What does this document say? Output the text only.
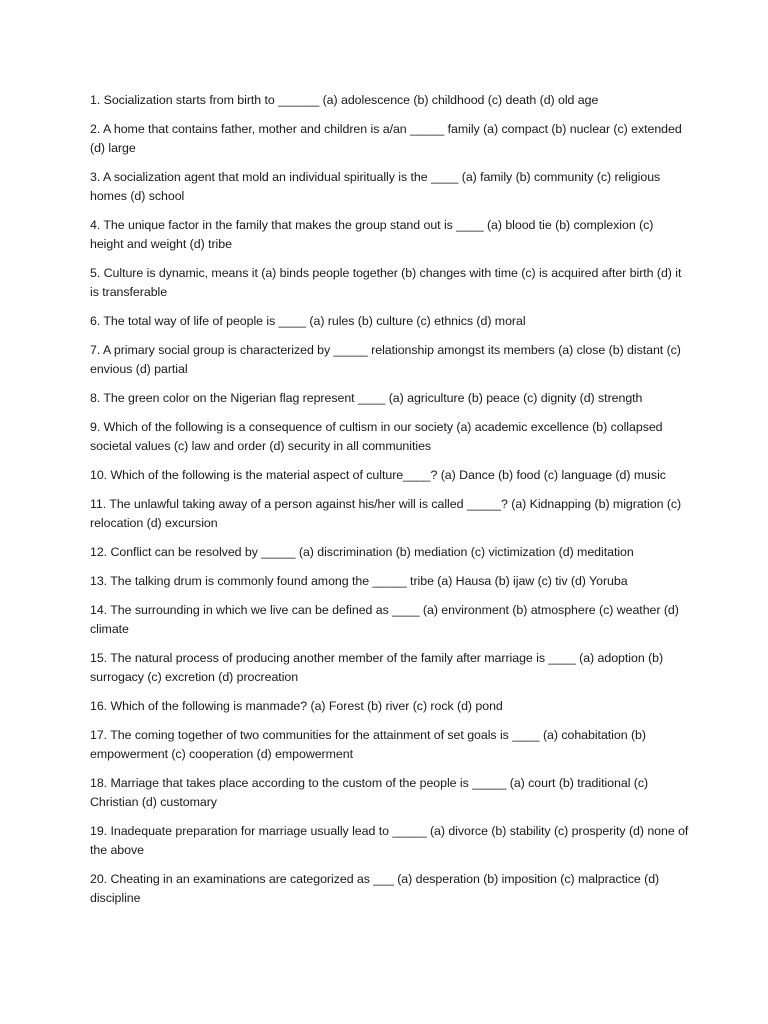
1. Socialization starts from birth to ______ (a) adolescence (b) childhood (c) death (d) old age

2. A home that contains father, mother and children is a/an _____ family (a) compact (b) nuclear (c) extended (d) large

3. A socialization agent that mold an individual spiritually is the ____ (a) family (b) community (c) religious homes (d) school

4. The unique factor in the family that makes the group stand out is ____ (a) blood tie (b) complexion (c) height and weight (d) tribe

5. Culture is dynamic, means it (a) binds people together (b) changes with time (c) is acquired after birth (d) it is transferable

6. The total way of life of people is ____ (a) rules (b) culture (c) ethnics (d) moral

7. A primary social group is characterized by _____ relationship amongst its members (a) close (b) distant (c) envious (d) partial

8. The green color on the Nigerian flag represent ____ (a) agriculture (b) peace (c) dignity (d) strength

9. Which of the following is a consequence of cultism in our society (a) academic excellence (b) collapsed societal values (c) law and order (d) security in all communities

10. Which of the following is the material aspect of culture____? (a) Dance (b) food (c) language (d) music

11. The unlawful taking away of a person against his/her will is called _____? (a) Kidnapping (b) migration (c) relocation (d) excursion

12. Conflict can be resolved by _____ (a) discrimination (b) mediation (c) victimization (d) meditation

13. The talking drum is commonly found among the _____ tribe (a) Hausa (b) ijaw (c) tiv (d) Yoruba

14. The surrounding in which we live can be defined as ____ (a) environment (b) atmosphere (c) weather (d) climate

15. The natural process of producing another member of the family after marriage is ____ (a) adoption (b) surrogacy (c) excretion (d) procreation

16. Which of the following is manmade? (a) Forest (b) river (c) rock (d) pond

17. The coming together of two communities for the attainment of set goals is ____ (a) cohabitation (b) empowerment (c) cooperation (d) empowerment

18. Marriage that takes place according to the custom of the people is _____ (a) court (b) traditional (c) Christian (d) customary

19. Inadequate preparation for marriage usually lead to _____ (a) divorce (b) stability (c) prosperity (d) none of the above

20. Cheating in an examinations are categorized as ___ (a) desperation (b) imposition (c) malpractice (d) discipline
